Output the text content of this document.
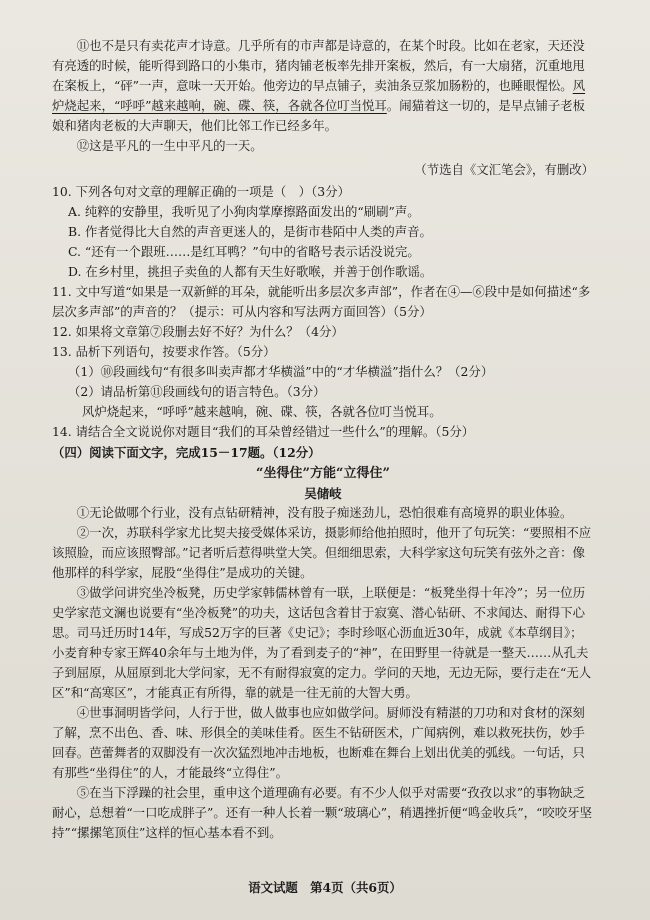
⑪也不是只有卖花声才诗意。几乎所有的市声都是诗意的，在某个时段。比如在老家，天还没有亮透的时候，能听得到路口的小集市，猪肉铺老板率先排开案板，然后，有一大扇猪，沉重地甩在案板上，“砰”一声，意味一天开始。他旁边的早点铺子，卖油条豆浆加肠粉的，也睡眼惺忪。风炉烧起来，“呼呼”越来越响，碗、碟、筷，各就各位叮当悦耳。闹猫着这一切的，是早点铺子老板娘和猪肉老板的大声聊天，他们比邻工作已经多年。

⑫这是平凡的一生中平凡的一天。

（节选自《文汇笔会》，有删改）

10. 下列各句对文章的理解正确的一项是（　）（3分）

A. 纯粹的安静里，我听见了小狗肉掌摩擦路面发出的“刷刷”声。

B. 作者觉得比大自然的声音更迷人的，是街市巷陌中人类的声音。

C. “还有一个跟班……是红耳鸭？”句中的省略号表示话没说完。

D. 在乡村里，挑担子卖鱼的人都有天生好歌喉，并善于创作歌谣。

11. 文中写道“如果是一双新鲜的耳朵，就能听出多层次多声部”，作者在④—⑥段中是如何描述“多层次多声部”的声音的？（提示：可从内容和写法两方面回答）（5分）

12. 如果将文章第⑦段删去好不好？为什么？（4分）

13. 品析下列语句，按要求作答。（5分）

（1）⑩段画线句“有很多叫卖声都才华横溢”中的“才华横溢”指什么？（2分）

（2）请品析第⑪段画线句的语言特色。（3分）

风炉烧起来，“呼呼”越来越响，碗、碟、筷，各就各位叮当悦耳。

14. 请结合全文说说你对题目“我们的耳朵曾经错过一些什么”的理解。（5分）

（四）阅读下面文字，完成15－17题。（12分）

“坐得住”方能“立得住”

吴储岐

①无论做哪个行业，没有点钻研精神，没有股子痴迷劲儿，恐怕很难有高境界的职业体验。

②一次，苏联科学家尤比契夫接受媒体采访，摄影师给他拍照时，他开了句玩笑：“要照相不应该照脸，而应该照臀部。”记者听后惹得哄堂大笑。但细细思索，大科学家这句玩笑有弦外之音：像他那样的科学家，屁股“坐得住”是成功的关键。

③做学问讲究坐冷板凳，历史学家韩儒林曾有一联，上联便是：“板凳坐得十年冷”；另一位历史学家范文澜也说要有“坐冷板凳”的功夫，这话包含着甘于寂寞、潜心钻研、不求闻达、耐得下心思。司马迁历时14年，写成52万字的巨著《史记》；李时珍呕心沥血近30年，成就《本草纲目》；小麦育种专家王辉40余年与土地为伴，为了看到麦子的“神”，在田野里一待就是一整天……从孔夫子到屈原，从屈原到北大学问家，无不有耐得寂寞的定力。学问的天地，无边无际，要行走在“无人区”和“高寒区”，才能真正有所得，靠的就是一往无前的大智大勇。

④世事洞明皆学问，人行于世，做人做事也应如做学问。厨师没有精湛的刀功和对食材的深刻了解，烹不出色、香、味、形俱全的美味佳肴。医生不钻研医术，广闻病例，难以救死扶伤，妙手回春。芭蕾舞者的双脚没有一次次猛烈地冲击地板，也断难在舞台上划出优美的弧线。一句话，只有那些“坐得住”的人，才能最终“立得住”。

⑤在当下浮躁的社会里，重申这个道理确有必要。有不少人似乎对需要“孜孜以求”的事物缺乏耐心，总想着“一口吃成胖子”。还有一种人长着一颗“玻璃心”，稍遇挫折便“鸣金收兵”，“咬咬牙坚持”“摞摞笔顶住”这样的恒心基本看不到。

语文试题　第4页（共6页）
